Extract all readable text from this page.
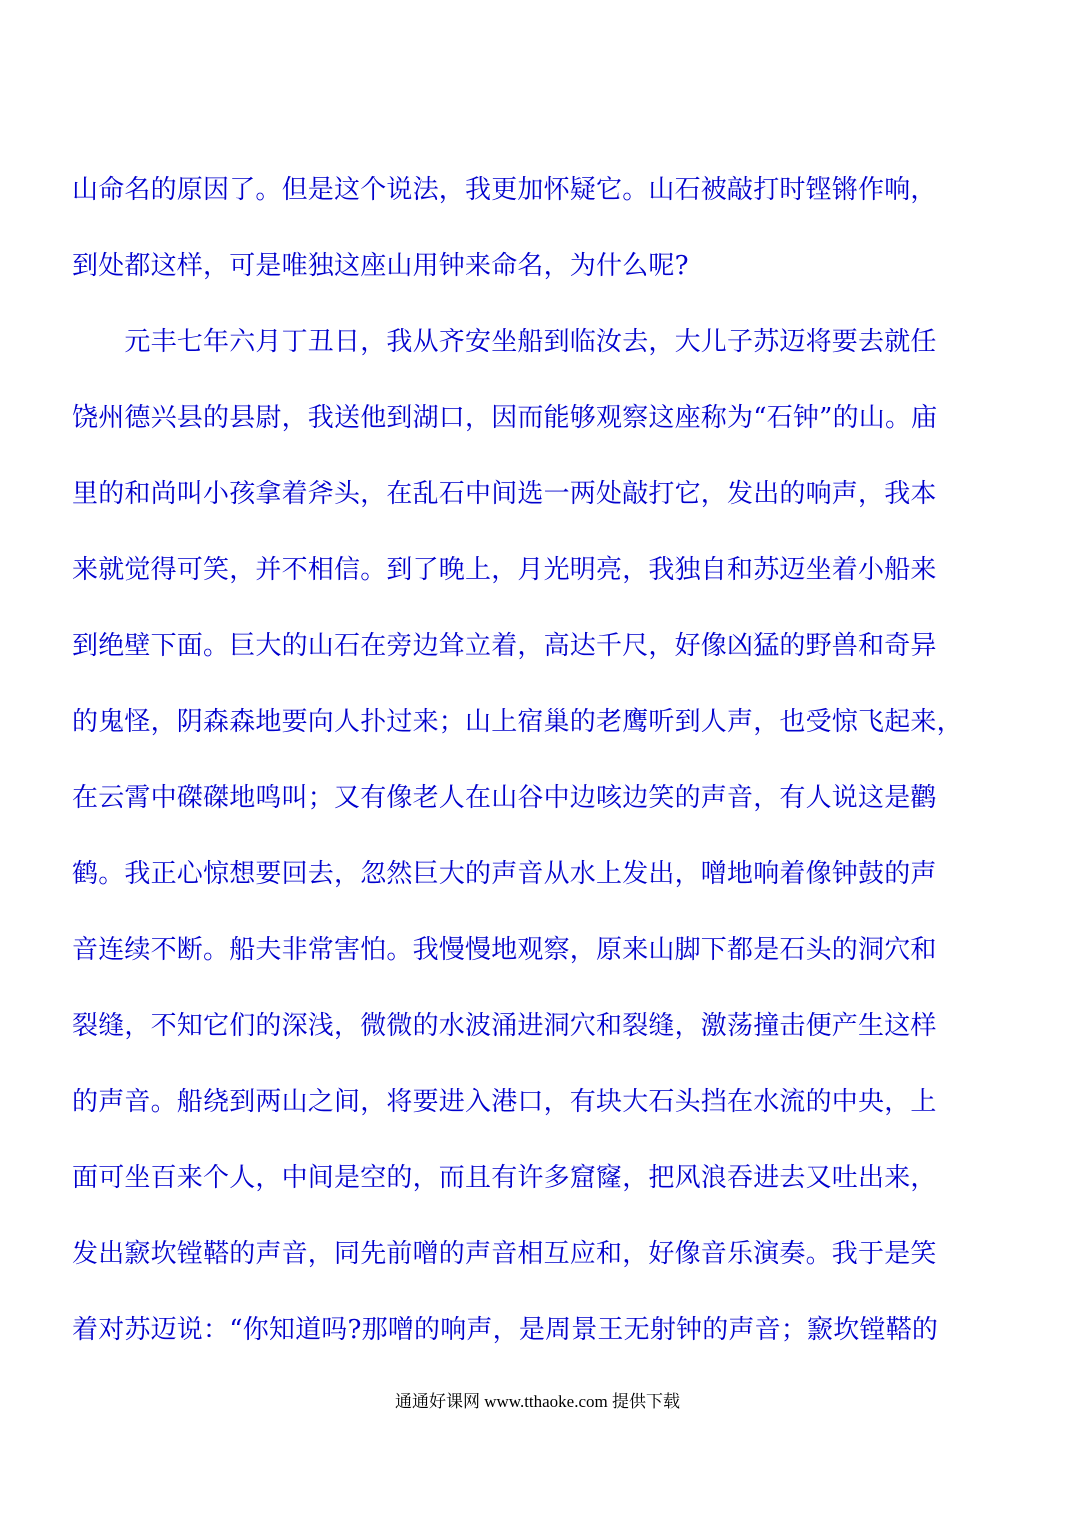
山命名的原因了。但是这个说法，我更加怀疑它。山石被敲打时铿锵作响，
到处都这样，可是唯独这座山用钟来命名，为什么呢?
　　元丰七年六月丁丑日，我从齐安坐船到临汝去，大儿子苏迈将要去就任
饶州德兴县的县尉，我送他到湖口，因而能够观察这座称为“石钟”的山。庙
里的和尚叫小孩拿着斧头，在乱石中间选一两处敲打它，发出的响声，我本
来就觉得可笑，并不相信。到了晚上，月光明亮，我独自和苏迈坐着小船来
到绝壁下面。巨大的山石在旁边耸立着，高达千尺，好像凶猛的野兽和奇异
的鬼怪，阴森森地要向人扑过来；山上宿巢的老鹰听到人声，也受惊飞起来，
在云霄中磔磔地鸣叫；又有像老人在山谷中边咳边笑的声音，有人说这是鹳
鹤。我正心惊想要回去，忽然巨大的声音从水上发出，噌地响着像钟鼓的声
音连续不断。船夫非常害怕。我慢慢地观察，原来山脚下都是石头的洞穴和
裂缝，不知它们的深浅，微微的水波涌进洞穴和裂缝，激荡撞击便产生这样
的声音。船绕到两山之间，将要进入港口，有块大石头挡在水流的中央，上
面可坐百来个人，中间是空的，而且有许多窟窿，把风浪吞进去又吐出来，
发出窾坎镗鞳的声音，同先前噌的声音相互应和，好像音乐演奏。我于是笑
着对苏迈说：“你知道吗?那噌的响声，是周景王无射钟的声音；窾坎镗鞳的
通通好课网 www.tthaoke.com 提供下载
